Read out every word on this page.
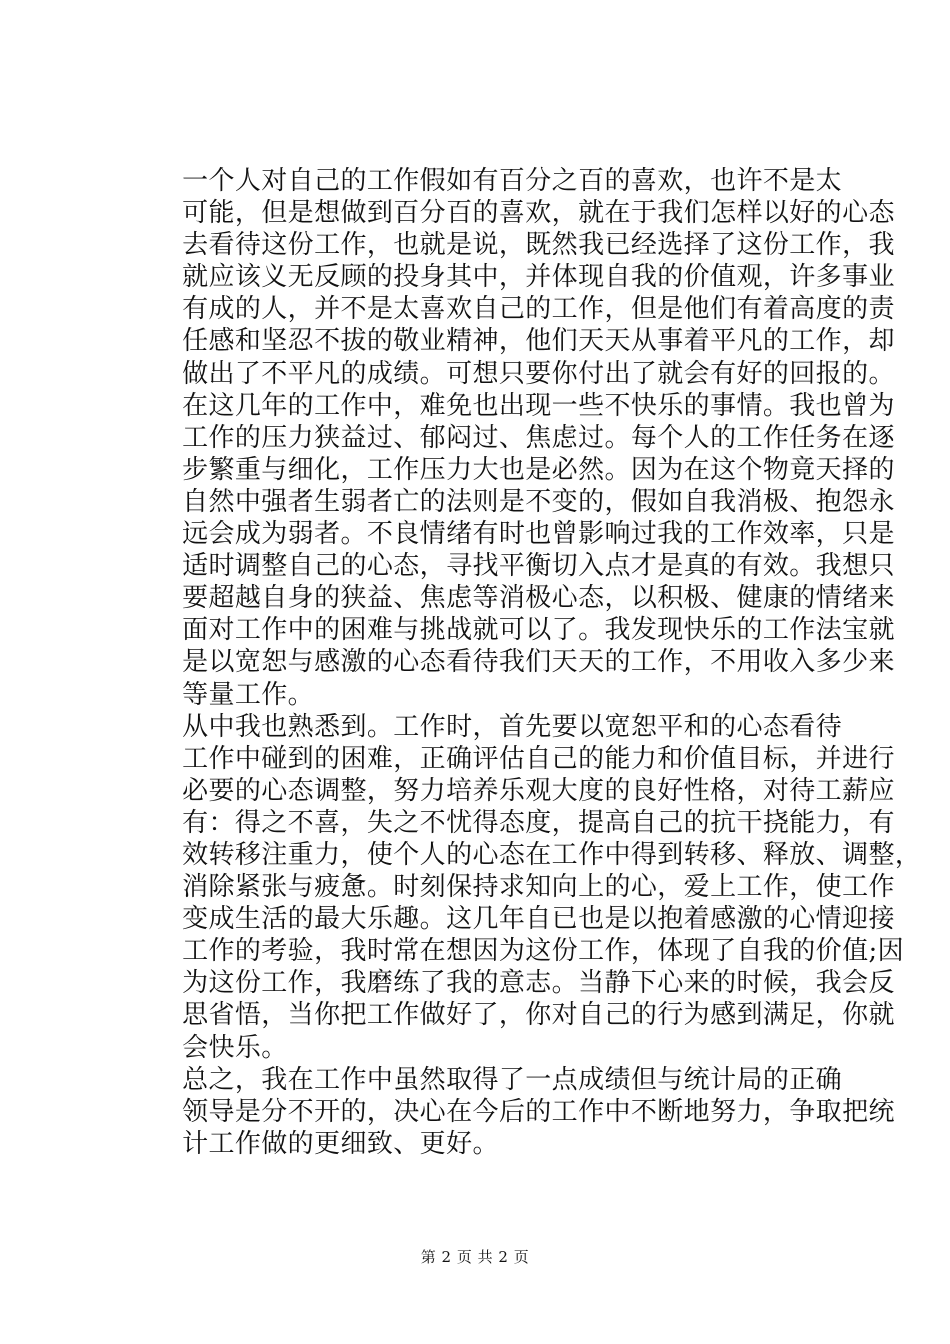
一个人对自己的工作假如有百分之百的喜欢，也许不是太
可能，但是想做到百分百的喜欢，就在于我们怎样以好的心态
去看待这份工作，也就是说，既然我已经选择了这份工作，我
就应该义无反顾的投身其中，并体现自我的价值观，许多事业
有成的人，并不是太喜欢自己的工作，但是他们有着高度的责
任感和坚忍不拔的敬业精神，他们天天从事着平凡的工作，却
做出了不平凡的成绩。可想只要你付出了就会有好的回报的。
在这几年的工作中，难免也出现一些不快乐的事情。我也曾为
工作的压力狭益过、郁闷过、焦虑过。每个人的工作任务在逐
步繁重与细化，工作压力大也是必然。因为在这个物竟天择的
自然中强者生弱者亡的法则是不变的，假如自我消极、抱怨永
远会成为弱者。不良情绪有时也曾影响过我的工作效率，只是
适时调整自己的心态，寻找平衡切入点才是真的有效。我想只
要超越自身的狭益、焦虑等消极心态，以积极、健康的情绪来
面对工作中的困难与挑战就可以了。我发现快乐的工作法宝就
是以宽恕与感激的心态看待我们天天的工作，不用收入多少来
等量工作。

从中我也熟悉到。工作时，首先要以宽恕平和的心态看待
工作中碰到的困难，正确评估自己的能力和价值目标，并进行
必要的心态调整，努力培养乐观大度的良好性格，对待工薪应
有：得之不喜，失之不忧得态度，提高自己的抗干挠能力，有
效转移注重力，使个人的心态在工作中得到转移、释放、调整，
消除紧张与疲惫。时刻保持求知向上的心，爱上工作，使工作
变成生活的最大乐趣。这几年自已也是以抱着感激的心情迎接
工作的考验，我时常在想因为这份工作，体现了自我的价值;因
为这份工作，我磨练了我的意志。当静下心来的时候，我会反
思省悟，当你把工作做好了，你对自己的行为感到满足，你就
会快乐。

总之，我在工作中虽然取得了一点成绩但与统计局的正确
领导是分不开的，决心在今后的工作中不断地努力，争取把统
计工作做的更细致、更好。

第 2 页 共 2 页
